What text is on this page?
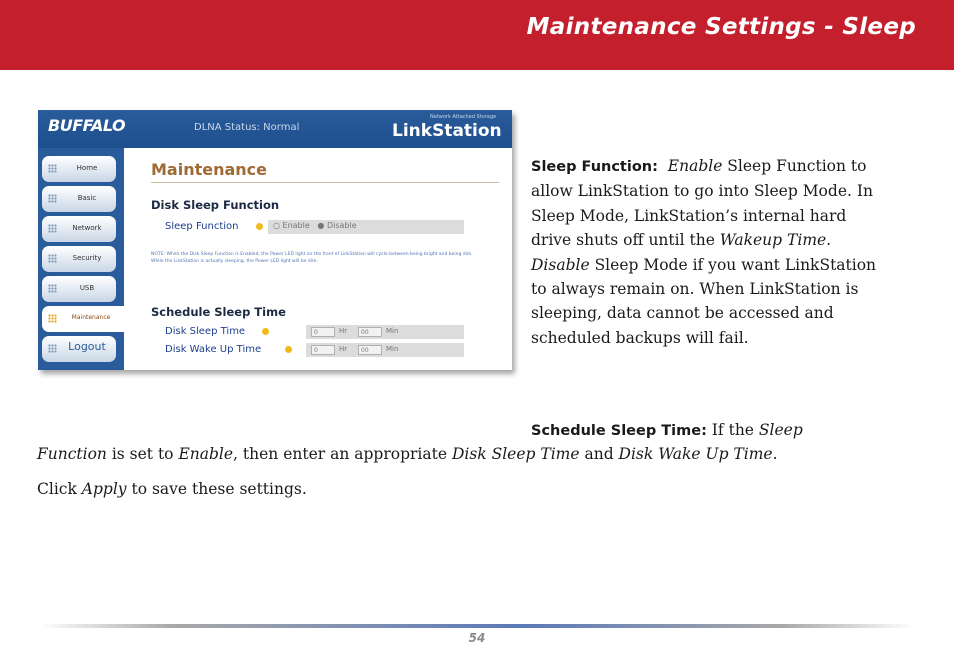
Maintenance Settings - Sleep
BUFFALO	DLNA Status: Normal
Network Attached Storage
LinkStation
Home
Basic
Network
Security
USB
Maintenance
Logout
Maintenance
Disk Sleep Function
Sleep Function	○ Enable   ● Disable
NOTE: When the Disk Sleep Function is Enabled, the Power LED light on the front of LinkStation will cycle between being bright and being dim. While the LinkStation is actually sleeping, the Power LED light will be dim.
Schedule Sleep Time
Disk Sleep Time	0	Hr	00	Min
Disk Wake Up Time	0	Hr	00	Min
Sleep Function: Enable Sleep Function to allow LinkStation to go into Sleep Mode. In Sleep Mode, LinkStation’s internal hard drive shuts off until the Wakeup Time. Disable Sleep Mode if you want LinkStation to always remain on. When LinkStation is sleeping, data cannot be accessed and scheduled backups will fail.
Schedule Sleep Time: If the Sleep
Function is set to Enable, then enter an appropriate Disk Sleep Time and Disk Wake Up Time.
Click Apply to save these settings.
54
